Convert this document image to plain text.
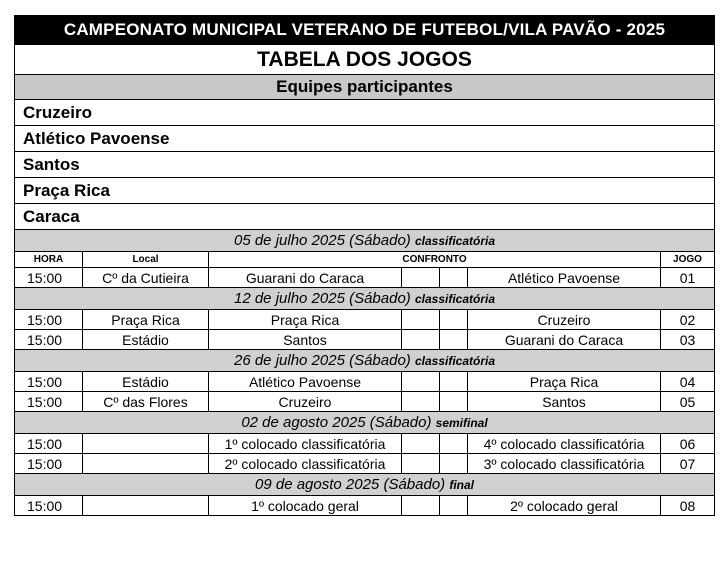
CAMPEONATO MUNICIPAL VETERANO DE FUTEBOL/VILA PAVÃO - 2025						
TABELA DOS JOGOS						
Equipes participantes						
Cruzeiro						
Atlético Pavoense						
Santos						
Praça Rica						
Caraca						
05 de julho 2025 (Sábado) classificatória						
HORA	Local	CONFRONTO				JOGO
15:00	Cº da Cutieira	Guarani do Caraca			Atlético Pavoense	01
12 de julho 2025 (Sábado) classificatória						
15:00	Praça Rica	Praça Rica			Cruzeiro	02
15:00	Estádio	Santos			Guarani do Caraca	03
26 de julho 2025 (Sábado) classificatória						
15:00	Estádio	Atlético Pavoense			Praça Rica	04
15:00	Cº das Flores	Cruzeiro			Santos	05
02 de agosto 2025 (Sábado) semifinal						
15:00		1º colocado classificatória			4º colocado classificatória	06
15:00		2º colocado classificatória			3º colocado classificatória	07
09 de agosto 2025 (Sábado) final						
15:00		1º colocado geral			2º colocado geral	08
